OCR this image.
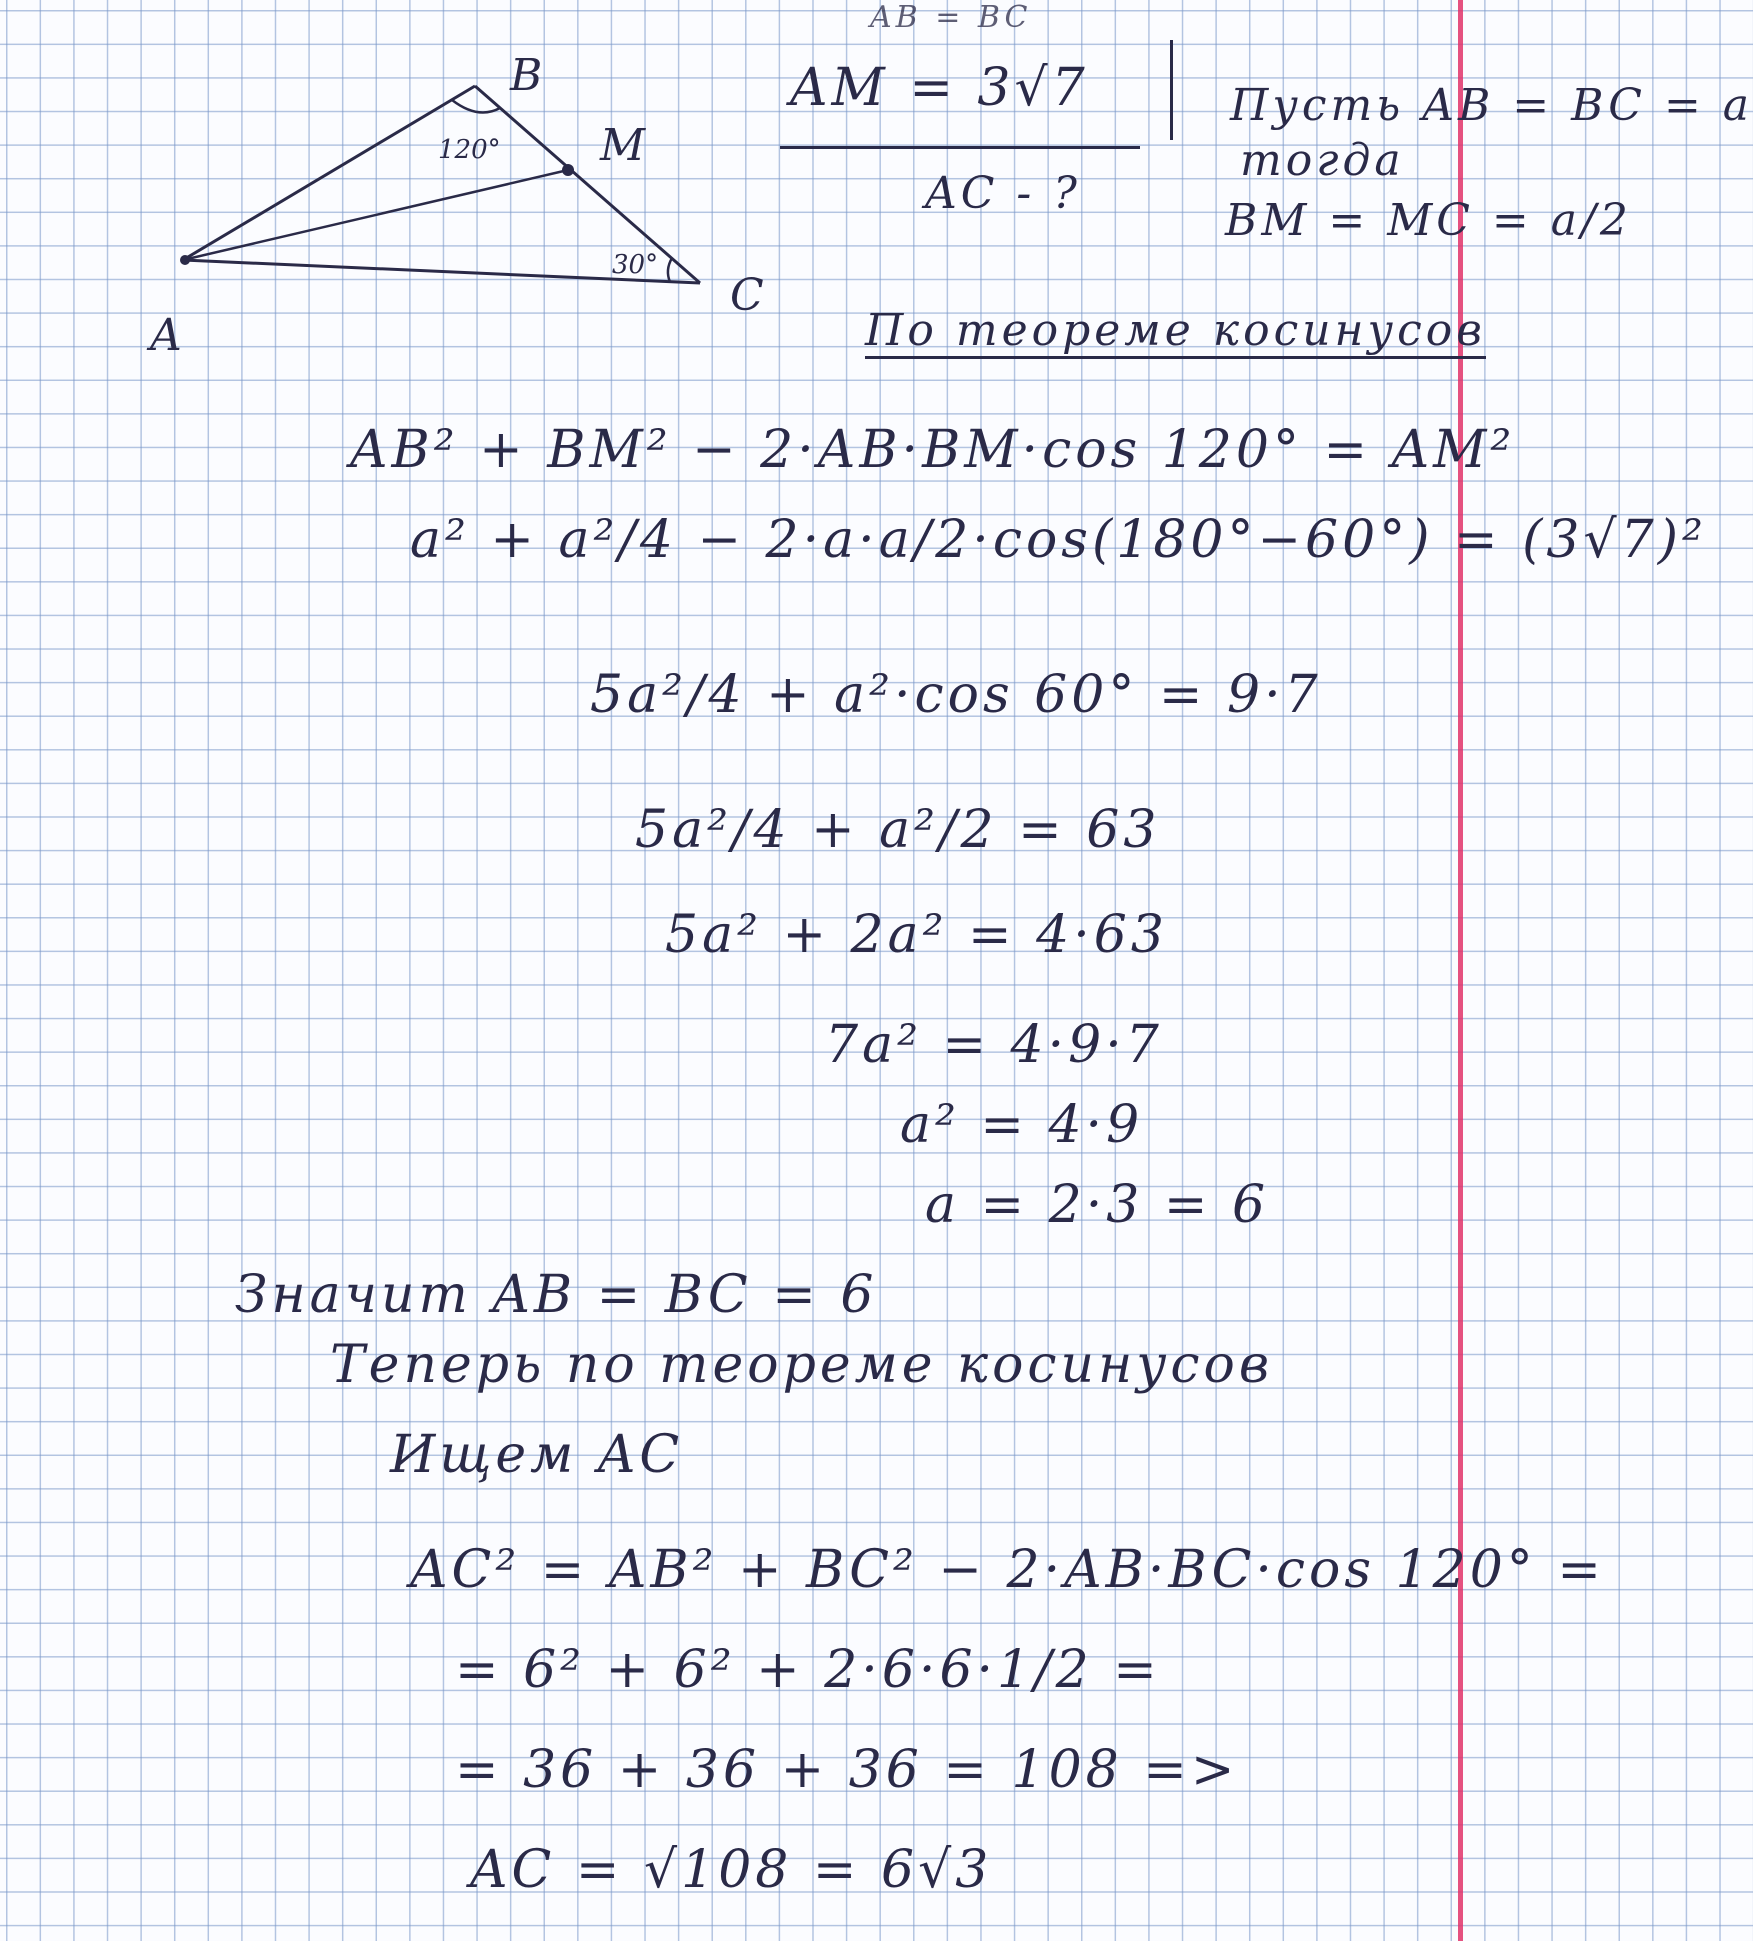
B
M
A
C
120°
30°
AB = BC
AM = 3√7
AC - ?
Пусть AB = BC = a
тогда
BM = MC = a/2
По теореме косинусов
AB² + BM² − 2·AB·BM·cos 120° = AM²
a² + a²/4 − 2·a·a/2·cos(180°−60°) = (3√7)²
5a²/4 + a²·cos 60° = 9·7
5a²/4 + a²/2 = 63
5a² + 2a² = 4·63
7a² = 4·9·7
a² = 4·9
a = 2·3 = 6
Значит AB = BC = 6
Теперь по теореме косинусов
Ищем AC
AC² = AB² + BC² − 2·AB·BC·cos 120° =
= 6² + 6² + 2·6·6·1/2 =
= 36 + 36 + 36 = 108 =>
AC = √108 = 6√3
